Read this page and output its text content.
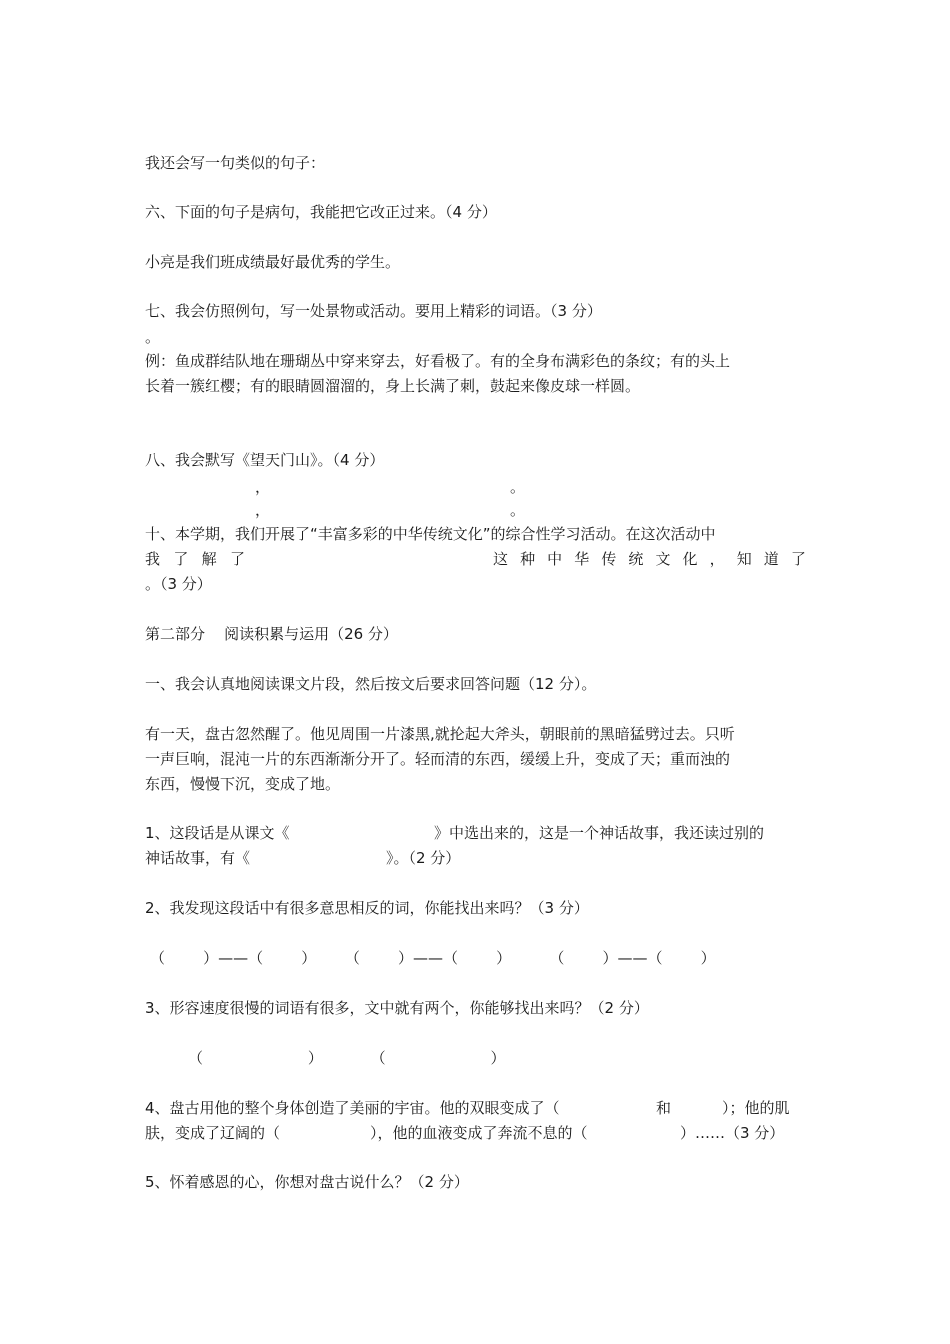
我还会写一句类似的句子：
六、下面的句子是病句，我能把它改正过来。（4 分）
小亮是我们班成绩最好最优秀的学生。
七、我会仿照例句，写一处景物或活动。要用上精彩的词语。（3 分）
。
例：鱼成群结队地在珊瑚丛中穿来穿去，好看极了。有的全身布满彩色的条纹；有的头上
长着一簇红樱；有的眼睛圆溜溜的，身上长满了刺，鼓起来像皮球一样圆。
八、我会默写《望天门山》。（4 分）
，	。
，	。
十、本学期，我们开展了“丰富多彩的中华传统文化”的综合性学习活动。在这次活动中
我 了 解 了	这 种 中 华 传 统 文 化 ， 知 道 了
。（3 分）
第二部分    阅读积累与运用（26 分）
一、我会认真地阅读课文片段，然后按文后要求回答问题（12 分）。
有一天，盘古忽然醒了。他见周围一片漆黑,就抡起大斧头，朝眼前的黑暗猛劈过去。只听
一声巨响，混沌一片的东西渐渐分开了。轻而清的东西，缓缓上升，变成了天；重而浊的
东西，慢慢下沉，变成了地。
1、这段话是从课文《	》中选出来的，这是一个神话故事，我还读过别的
神话故事，有《	》。（2 分）
2、我发现这段话中有很多意思相反的词，你能找出来吗？（3 分）
（        ）——（        ）      （        ）——（        ）        （        ）——（        ）
3、形容速度很慢的词语有很多，文中就有两个，你能够找出来吗？（2 分）
（                      ）          （                      ）
4、盘古用他的整个身体创造了美丽的宇宙。他的双眼变成了（	和	）；他的肌
肤，变成了辽阔的（	），他的血液变成了奔流不息的（	）……（3 分）
5、怀着感恩的心，你想对盘古说什么？（2 分）
